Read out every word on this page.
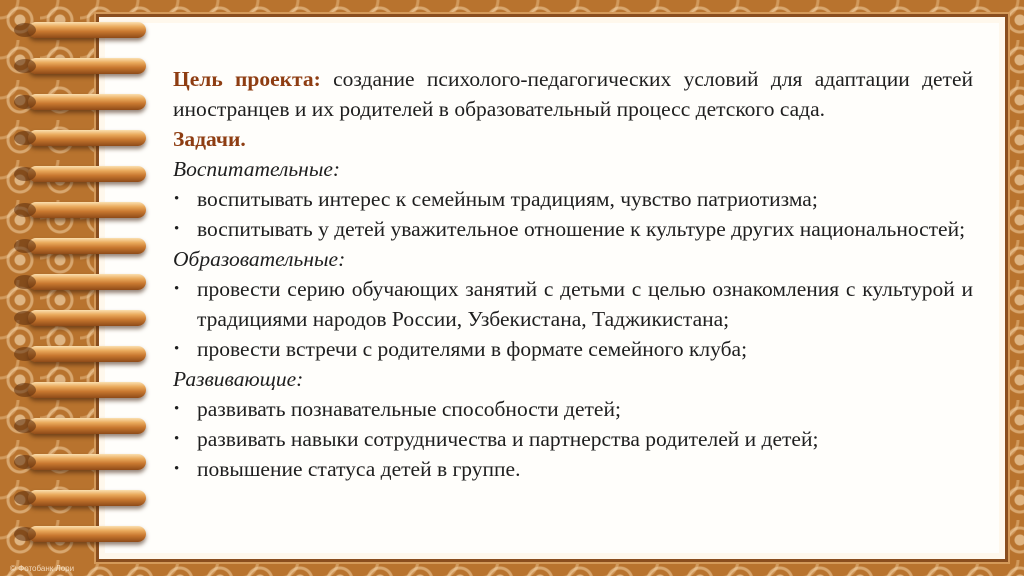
Цель проекта: создание психолого-педагогических условий для адаптации детей иностранцев и их родителей в образовательный процесс детского сада.

Задачи.

Воспитательные:

• воспитывать интерес к семейным традициям, чувство патриотизма;
• воспитывать у детей уважительное отношение к культуре других национальностей;

Образовательные:

• провести серию обучающих занятий с детьми с целью ознакомления с культурой и традициями народов России, Узбекистана, Таджикистана;
• провести встречи с родителями в формате семейного клуба;

Развивающие:

• развивать познавательные способности детей;
• развивать навыки сотрудничества и партнерства родителей и детей;
• повышение статуса детей в группе.
© Фотобанк Лори
